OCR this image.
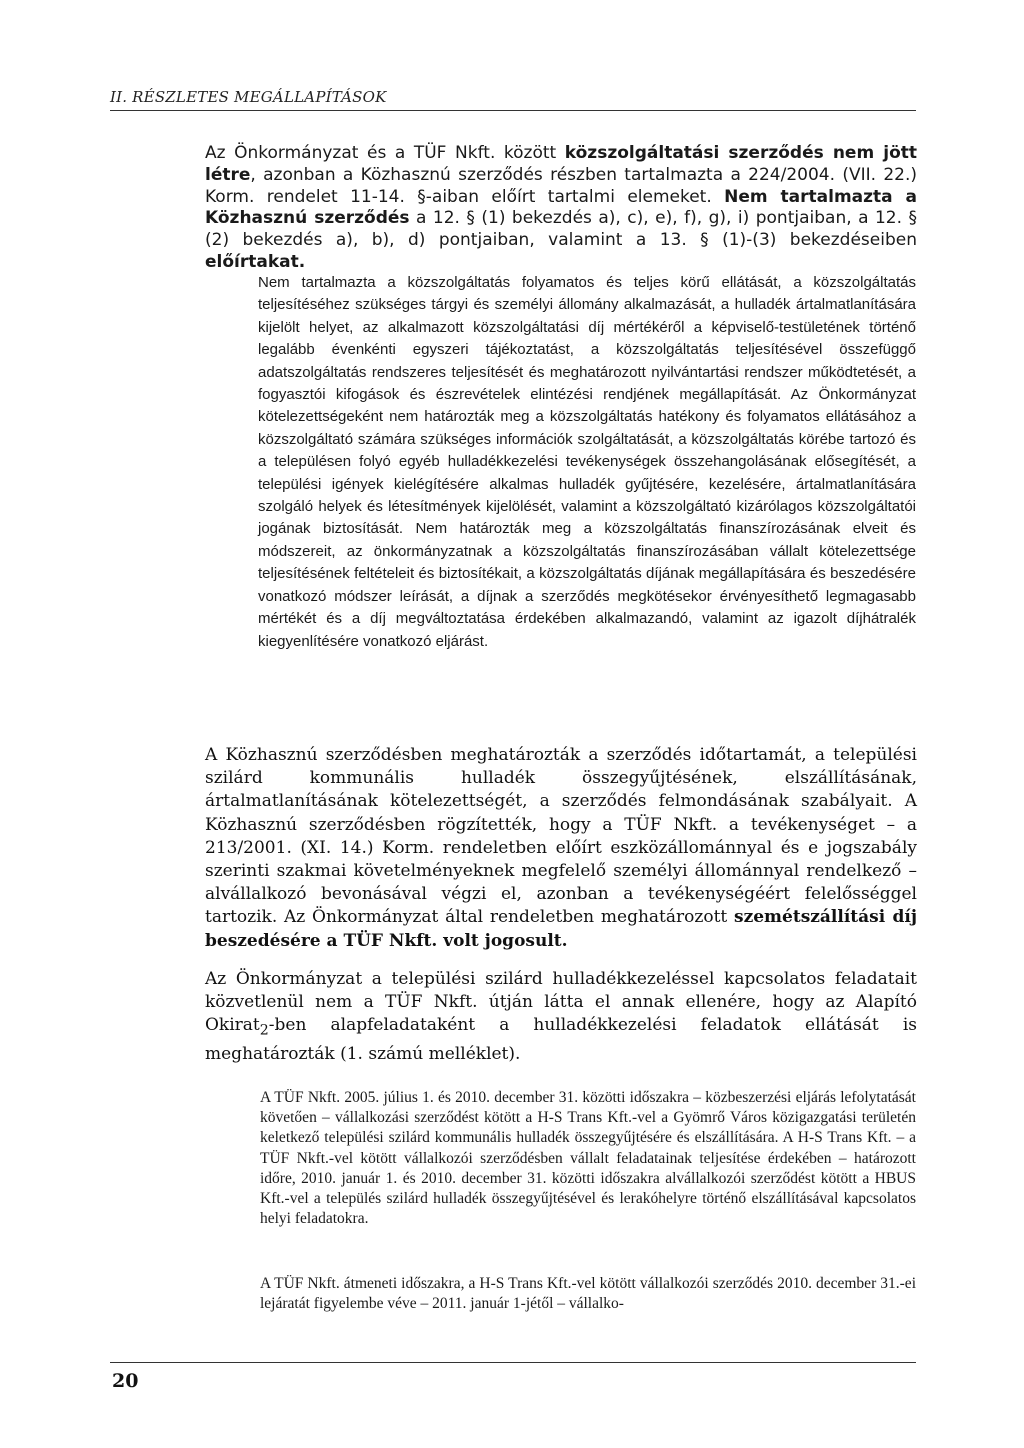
II. RÉSZLETES MEGÁLLAPÍTÁSOK

Az Önkormányzat és a TÜF Nkft. között közszolgáltatási szerződés nem jött létre, azonban a Közhasznú szerződés részben tartalmazta a 224/2004. (VII. 22.) Korm. rendelet 11-14. §-aiban előírt tartalmi elemeket. Nem tartalmazta a Közhasznú szerződés a 12. § (1) bekezdés a), c), e), f), g), i) pontjaiban, a 12. § (2) bekezdés a), b), d) pontjaiban, valamint a 13. § (1)-(3) bekezdéseiben előírtakat.

Nem tartalmazta a közszolgáltatás folyamatos és teljes körű ellátását, a közszolgáltatás teljesítéséhez szükséges tárgyi és személyi állomány alkalmazását, a hulladék ártalmatlanítására kijelölt helyet, az alkalmazott közszolgáltatási díj mértékéről a képviselő-testületének történő legalább évenkénti egyszeri tájékoztatást, a közszolgáltatás teljesítésével összefüggő adatszolgáltatás rendszeres teljesítését és meghatározott nyilvántartási rendszer működtetését, a fogyasztói kifogások és észrevételek elintézési rendjének megállapítását. Az Önkormányzat kötelezettségeként nem határozták meg a közszolgáltatás hatékony és folyamatos ellátásához a közszolgáltató számára szükséges információk szolgáltatását, a közszolgáltatás körébe tartozó és a településen folyó egyéb hulladékkezelési tevékenységek összehangolásának elősegítését, a települési igények kielégítésére alkalmas hulladék gyűjtésére, kezelésére, ártalmatlanítására szolgáló helyek és létesítmények kijelölését, valamint a közszolgáltató kizárólagos közszolgáltatói jogának biztosítását. Nem határozták meg a közszolgáltatás finanszírozásának elveit és módszereit, az önkormányzatnak a közszolgáltatás finanszírozásában vállalt kötelezettsége teljesítésének feltételeit és biztosítékait, a közszolgáltatás díjának megállapítására és beszedésére vonatkozó módszer leírását, a díjnak a szerződés megkötésekor érvényesíthető legmagasabb mértékét és a díj megváltoztatása érdekében alkalmazandó, valamint az igazolt díjhátralék kiegyenlítésére vonatkozó eljárást.

A Közhasznú szerződésben meghatározták a szerződés időtartamát, a települési szilárd kommunális hulladék összegyűjtésének, elszállításának, ártalmatlanításának kötelezettségét, a szerződés felmondásának szabályait. A Közhasznú szerződésben rögzítették, hogy a TÜF Nkft. a tevékenységet – a 213/2001. (XI. 14.) Korm. rendeletben előírt eszközállománnyal és e jogszabály szerinti szakmai követelményeknek megfelelő személyi állománnyal rendelkező – alvállalkozó bevonásával végzi el, azonban a tevékenységéért felelősséggel tartozik. Az Önkormányzat által rendeletben meghatározott szemétszállítási díj beszedésére a TÜF Nkft. volt jogosult.

Az Önkormányzat a települési szilárd hulladékkezeléssel kapcsolatos feladatait közvetlenül nem a TÜF Nkft. útján látta el annak ellenére, hogy az Alapító Okirat$_2$-ben alapfeladataként a hulladékkezelési feladatok ellátását is meghatározták (1. számú melléklet).

A TÜF Nkft. 2005. július 1. és 2010. december 31. közötti időszakra – közbeszerzési eljárás lefolytatását követően – vállalkozási szerződést kötött a H-S Trans Kft.-vel a Gyömrő Város közigazgatási területén keletkező települési szilárd kommunális hulladék összegyűjtésére és elszállítására. A H-S Trans Kft. – a TÜF Nkft.-vel kötött vállalkozói szerződésben vállalt feladatainak teljesítése érdekében – határozott időre, 2010. január 1. és 2010. december 31. közötti időszakra alvállalkozói szerződést kötött a HBUS Kft.-vel a település szilárd hulladék összegyűjtésével és lerakóhelyre történő elszállításával kapcsolatos helyi feladatokra.

A TÜF Nkft. átmeneti időszakra, a H-S Trans Kft.-vel kötött vállalkozói szerződés 2010. december 31.-ei lejáratát figyelembe véve – 2011. január 1-jétől – vállalko-

20
